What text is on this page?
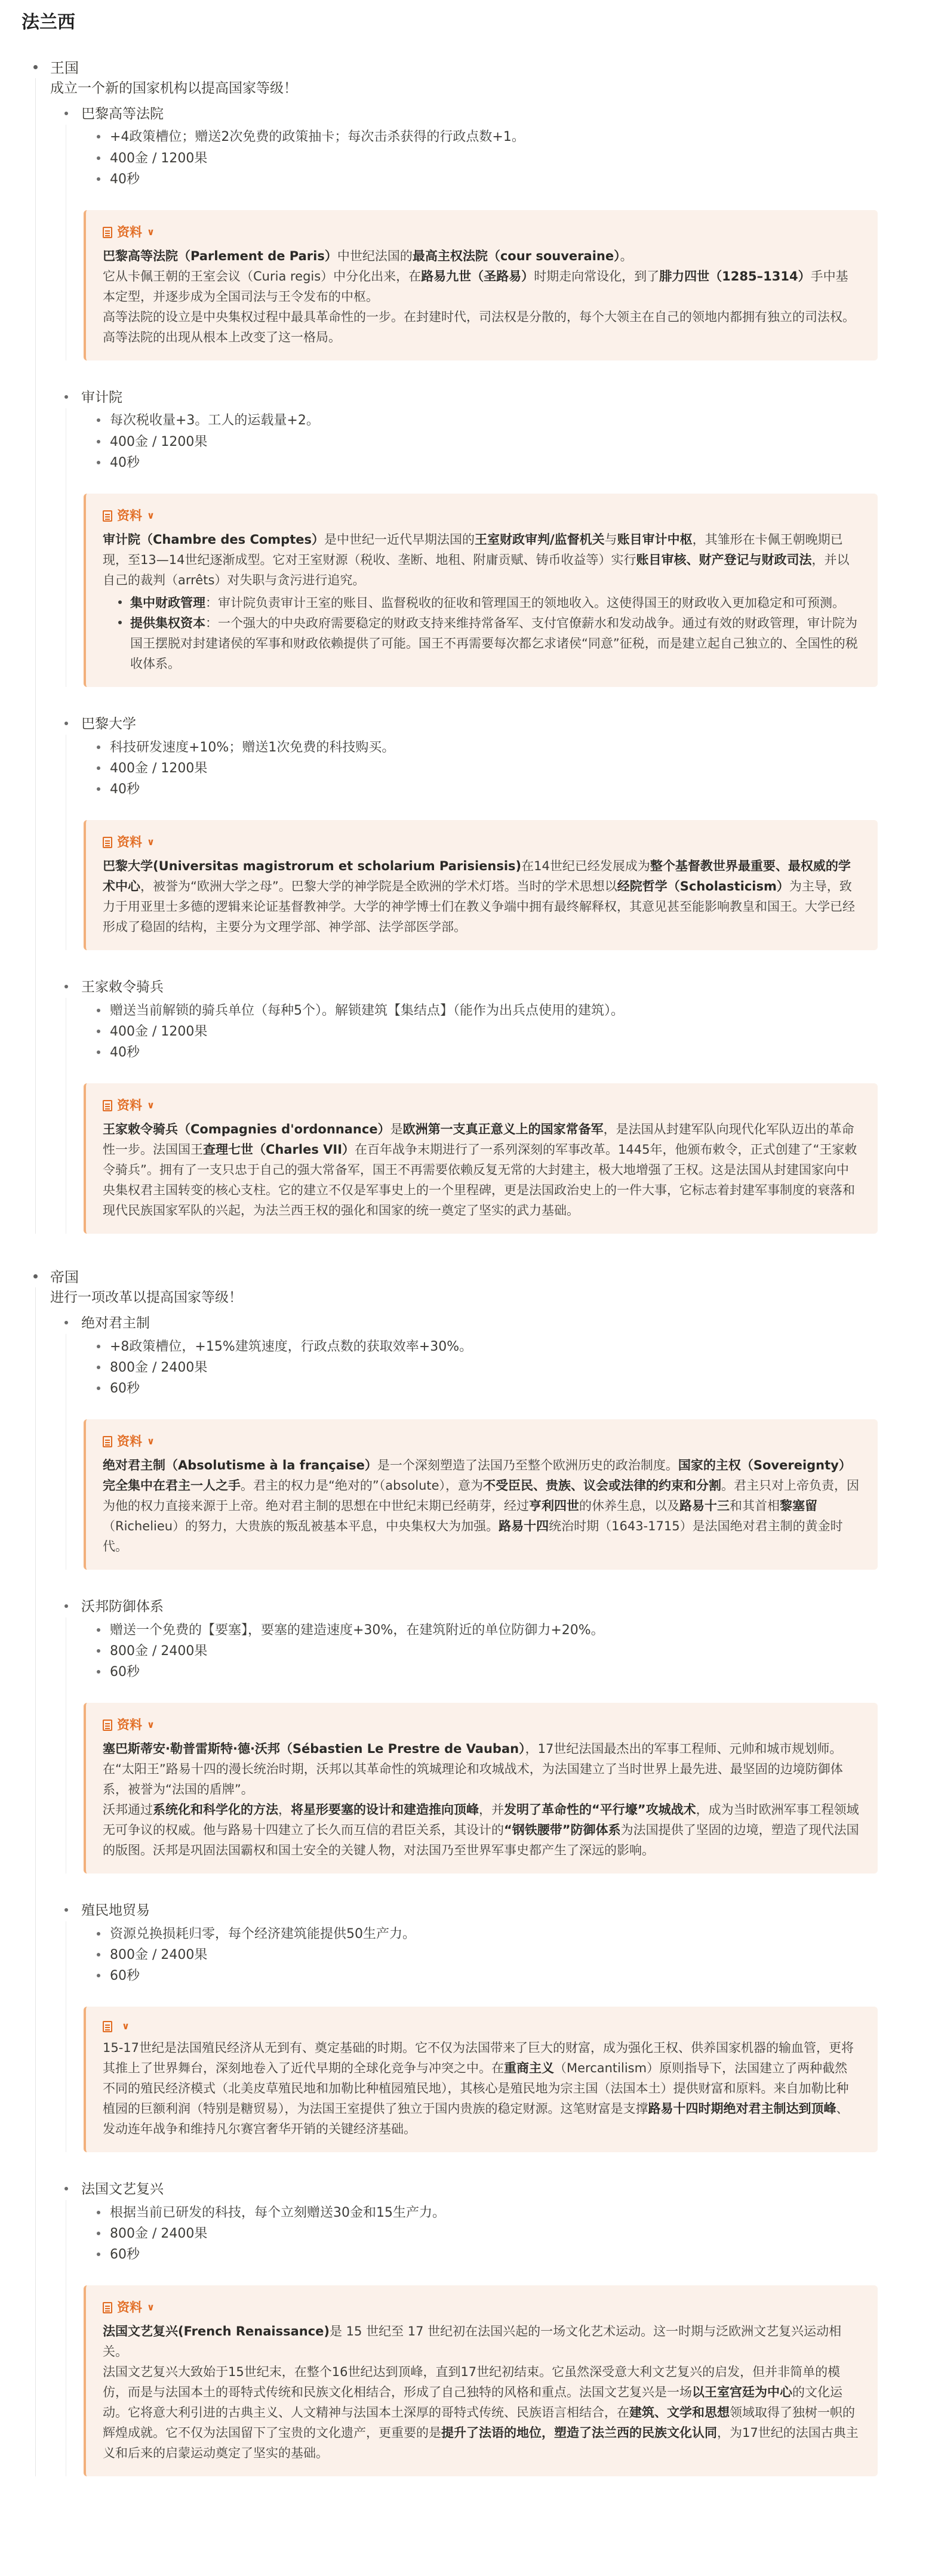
法兰西
王国
成立一个新的国家机构以提高国家等级！
巴黎高等法院
+4政策槽位；赠送2次免费的政策抽卡；每次击杀获得的行政点数+1。
400金 / 1200果
40秒
资料 ∨

巴黎高等法院（Parlement de Paris）中世纪法国的最高主权法院（cour souveraine）。

它从卡佩王朝的王室会议（Curia regis）中分化出来，在路易九世（圣路易）时期走向常设化，到了腓力四世（1285–1314）手中基本定型，并逐步成为全国司法与王令发布的中枢。

高等法院的设立是中央集权过程中最具革命性的一步。在封建时代，司法权是分散的，每个大领主在自己的领地内都拥有独立的司法权。高等法院的出现从根本上改变了这一格局。

审计院
每次税收量+3。工人的运载量+2。
400金 / 1200果
40秒
资料 ∨

审计院（Chambre des Comptes）是中世纪一近代早期法国的王室财政审判/监督机关与账目审计中枢，其雏形在卡佩王朝晚期已现，至13—14世纪逐渐成型。它对王室财源（税收、垄断、地租、附庸贡赋、铸币收益等）实行账目审核、财产登记与财政司法，并以自己的裁判（arrêts）对失职与贪污进行追究。

集中财政管理：审计院负责审计王室的账目、监督税收的征收和管理国王的领地收入。这使得国王的财政收入更加稳定和可预测。
提供集权资本：一个强大的中央政府需要稳定的财政支持来维持常备军、支付官僚薪水和发动战争。通过有效的财政管理，审计院为国王摆脱对封建诸侯的军事和财政依赖提供了可能。国王不再需要每次都乞求诸侯“同意”征税，而是建立起自己独立的、全国性的税收体系。
巴黎大学
科技研发速度+10%；赠送1次免费的科技购买。
400金 / 1200果
40秒
资料 ∨

巴黎大学(Universitas magistrorum et scholarium Parisiensis)在14世纪已经发展成为整个基督教世界最重要、最权威的学术中心，被誉为“欧洲大学之母”。巴黎大学的神学院是全欧洲的学术灯塔。当时的学术思想以经院哲学（Scholasticism）为主导，致力于用亚里士多德的逻辑来论证基督教神学。大学的神学博士们在教义争端中拥有最终解释权，其意见甚至能影响教皇和国王。大学已经形成了稳固的结构，主要分为文理学部、神学部、法学部医学部。

王家敕令骑兵
赠送当前解锁的骑兵单位（每种5个）。解锁建筑【集结点】（能作为出兵点使用的建筑）。
400金 / 1200果
40秒
资料 ∨

王家敕令骑兵（Compagnies d'ordonnance）是欧洲第一支真正意义上的国家常备军，是法国从封建军队向现代化军队迈出的革命性一步。法国国王查理七世（Charles VII）在百年战争末期进行了一系列深刻的军事改革。1445年，他颁布敕令，正式创建了“王家敕令骑兵”。拥有了一支只忠于自己的强大常备军，国王不再需要依赖反复无常的大封建主，极大地增强了王权。这是法国从封建国家向中央集权君主国转变的核心支柱。它的建立不仅是军事史上的一个里程碑，更是法国政治史上的一件大事，它标志着封建军事制度的衰落和现代民族国家军队的兴起，为法兰西王权的强化和国家的统一奠定了坚实的武力基础。

帝国
进行一项改革以提高国家等级！
绝对君主制
+8政策槽位，+15%建筑速度，行政点数的获取效率+30%。
800金 / 2400果
60秒
资料 ∨

绝对君主制（Absolutisme à la française）是一个深刻塑造了法国乃至整个欧洲历史的政治制度。国家的主权（Sovereignty）完全集中在君主一人之手。君主的权力是“绝对的”（absolute），意为不受臣民、贵族、议会或法律的约束和分割。君主只对上帝负责，因为他的权力直接来源于上帝。绝对君主制的思想在中世纪末期已经萌芽，经过亨利四世的休养生息，以及路易十三和其首相黎塞留（Richelieu）的努力，大贵族的叛乱被基本平息，中央集权大为加强。路易十四统治时期（1643-1715）是法国绝对君主制的黄金时代。

沃邦防御体系
赠送一个免费的【要塞】，要塞的建造速度+30%，在建筑附近的单位防御力+20%。
800金 / 2400果
60秒
资料 ∨

塞巴斯蒂安·勒普雷斯特·德·沃邦（Sébastien Le Prestre de Vauban），17世纪法国最杰出的军事工程师、元帅和城市规划师。在“太阳王”路易十四的漫长统治时期，沃邦以其革命性的筑城理论和攻城战术，为法国建立了当时世界上最先进、最坚固的边境防御体系，被誉为“法国的盾牌”。

沃邦通过系统化和科学化的方法，将星形要塞的设计和建造推向顶峰，并发明了革命性的“平行壕”攻城战术，成为当时欧洲军事工程领域无可争议的权威。他与路易十四建立了长久而互信的君臣关系，其设计的“钢铁腰带”防御体系为法国提供了坚固的边境，塑造了现代法国的版图。沃邦是巩固法国霸权和国土安全的关键人物，对法国乃至世界军事史都产生了深远的影响。

殖民地贸易
资源兑换损耗归零，每个经济建筑能提供50生产力。
800金 / 2400果
60秒
∨

15-17世纪是法国殖民经济从无到有、奠定基础的时期。它不仅为法国带来了巨大的财富，成为强化王权、供养国家机器的输血管，更将其推上了世界舞台，深刻地卷入了近代早期的全球化竞争与冲突之中。在重商主义（Mercantilism）原则指导下，法国建立了两种截然不同的殖民经济模式（北美皮草殖民地和加勒比种植园殖民地），其核心是殖民地为宗主国（法国本土）提供财富和原料。来自加勒比种植园的巨额利润（特别是糖贸易），为法国王室提供了独立于国内贵族的稳定财源。这笔财富是支撑路易十四时期绝对君主制达到顶峰、发动连年战争和维持凡尔赛宫奢华开销的关键经济基础。

法国文艺复兴
根据当前已研发的科技，每个立刻赠送30金和15生产力。
800金 / 2400果
60秒
资料 ∨

法国文艺复兴(French Renaissance)是 15 世纪至 17 世纪初在法国兴起的一场文化艺术运动。这一时期与泛欧洲文艺复兴运动相关。

法国文艺复兴大致始于15世纪末，在整个16世纪达到顶峰，直到17世纪初结束。它虽然深受意大利文艺复兴的启发，但并非简单的模仿，而是与法国本土的哥特式传统和民族文化相结合，形成了自己独特的风格和重点。法国文艺复兴是一场以王室宫廷为中心的文化运动。它将意大利引进的古典主义、人文精神与法国本土深厚的哥特式传统、民族语言相结合，在建筑、文学和思想领域取得了独树一帜的辉煌成就。它不仅为法国留下了宝贵的文化遗产，更重要的是提升了法语的地位，塑造了法兰西的民族文化认同，为17世纪的法国古典主义和后来的启蒙运动奠定了坚实的基础。
